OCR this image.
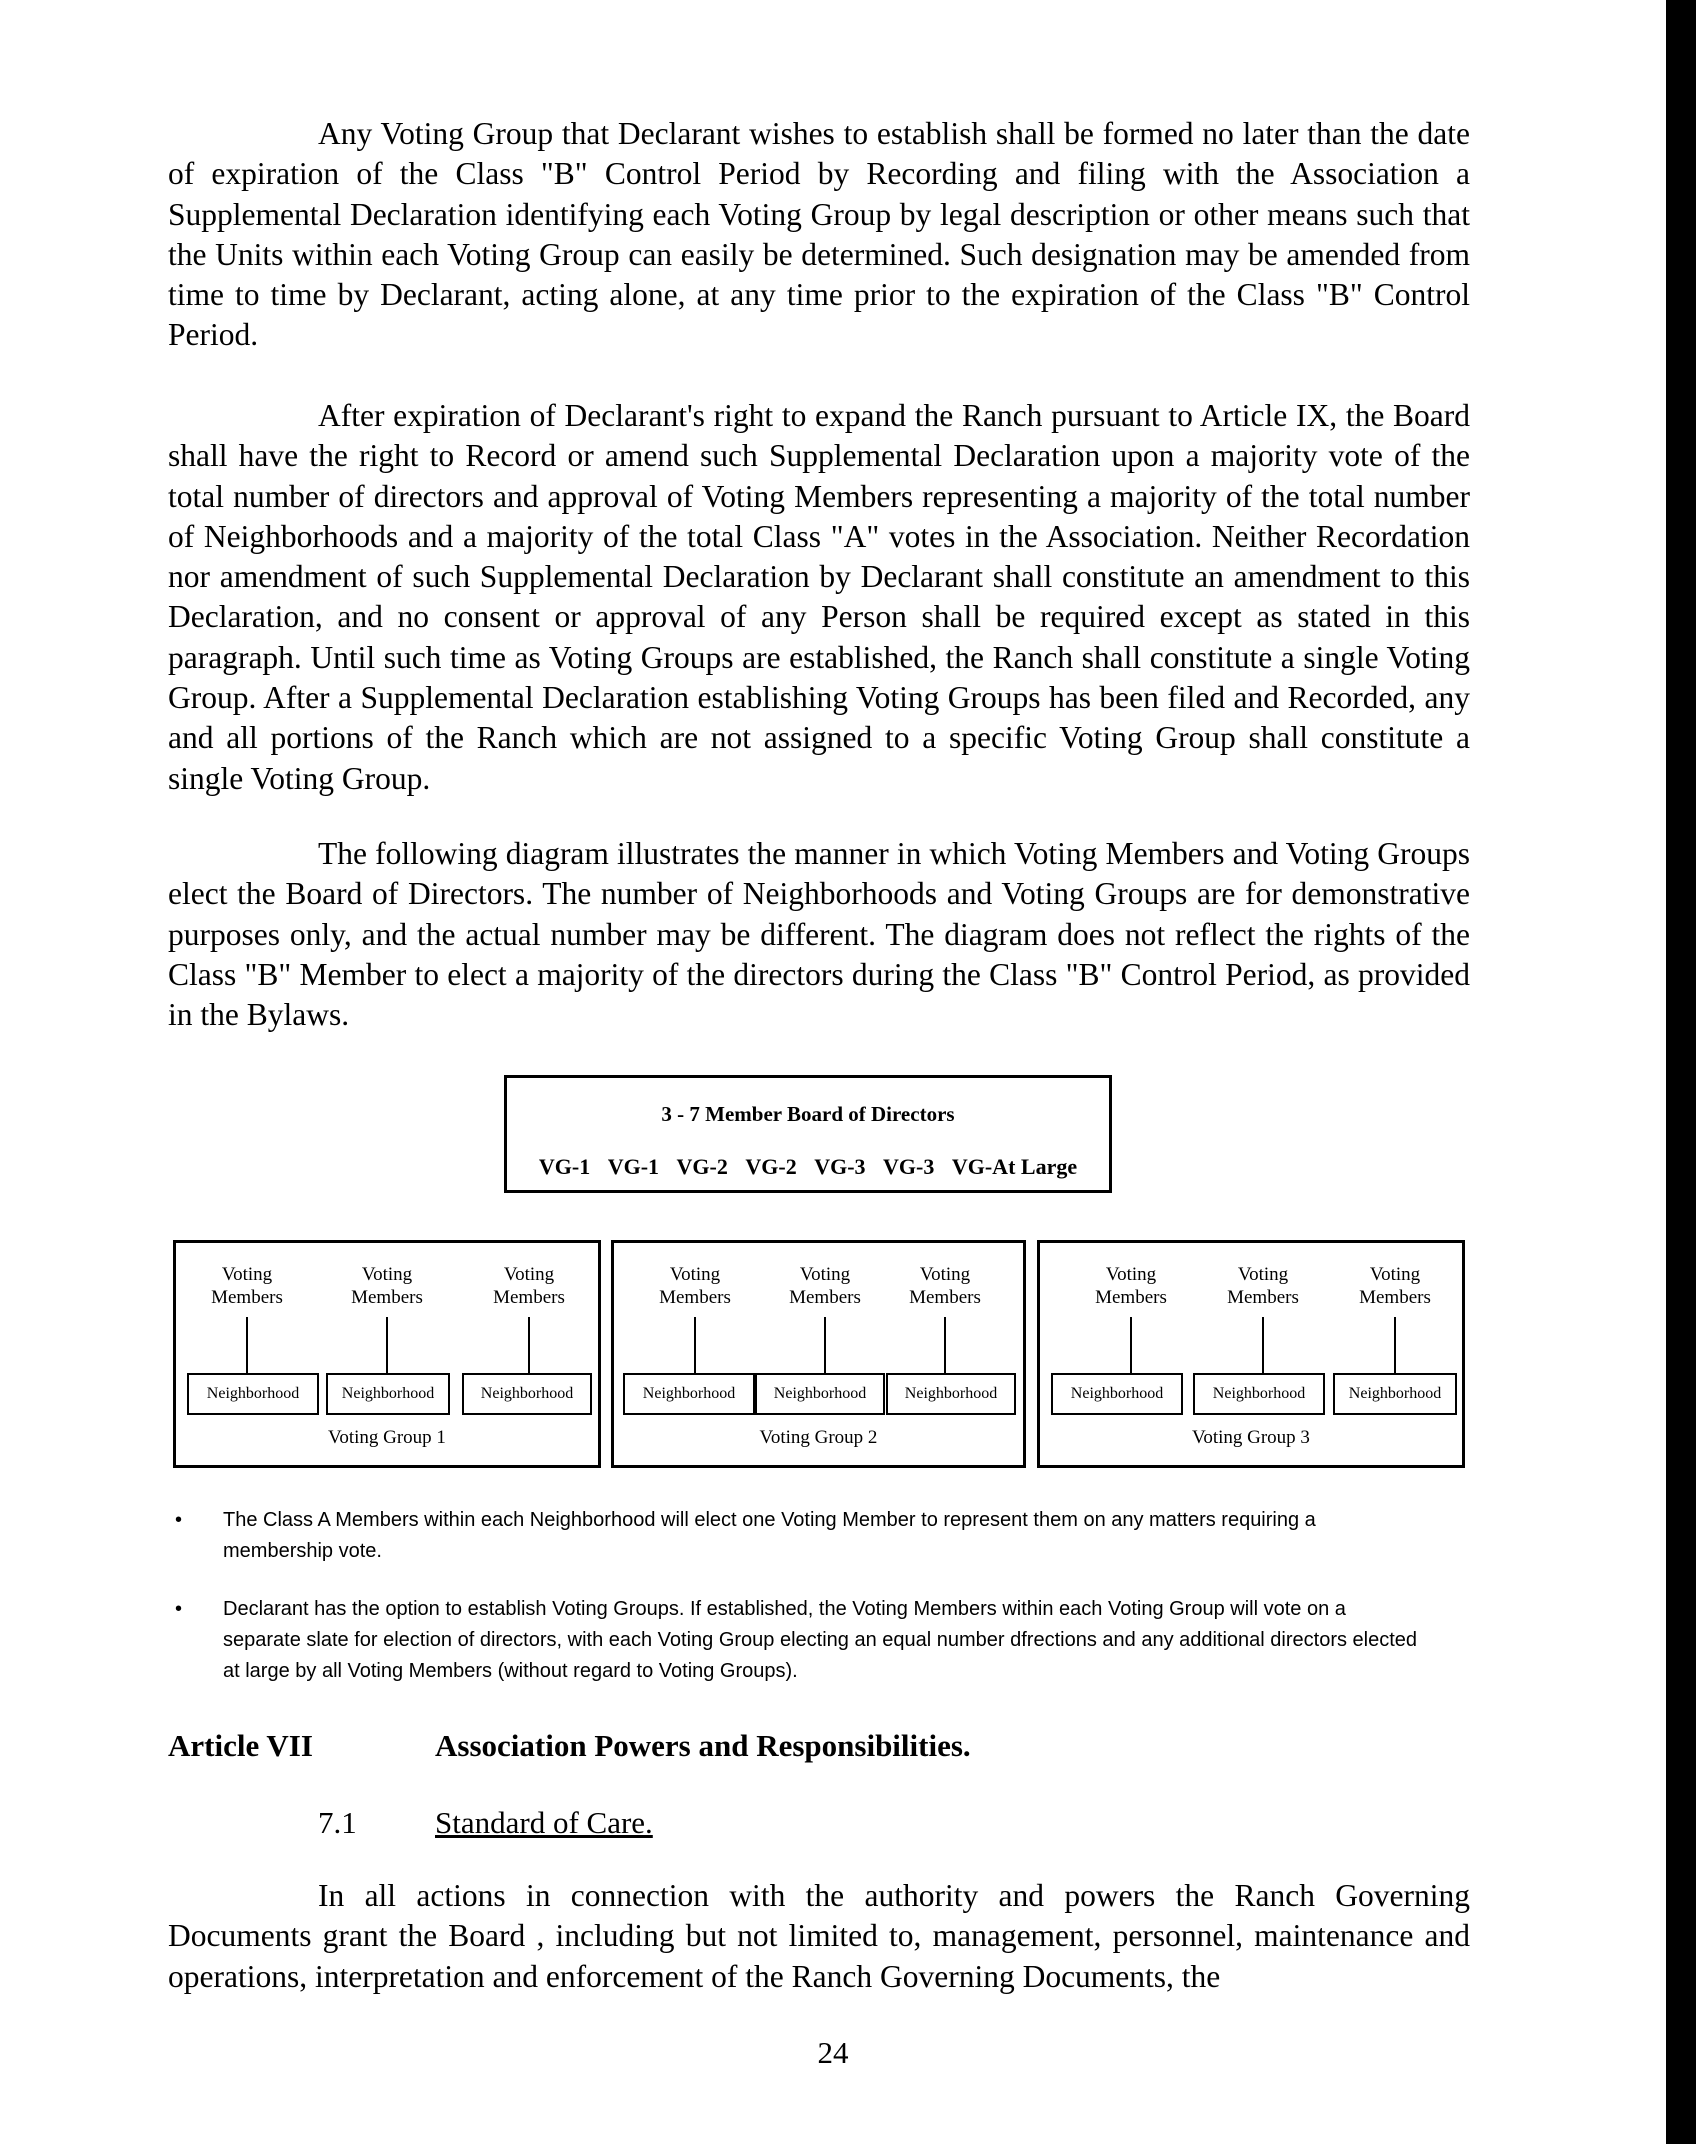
Any Voting Group that Declarant wishes to establish shall be formed no later than the date of expiration of the Class "B" Control Period by Recording and filing with the Association a Supplemental Declaration identifying each Voting Group by legal description or other means such that the Units within each Voting Group can easily be determined. Such designation may be amended from time to time by Declarant, acting alone, at any time prior to the expiration of the Class "B" Control Period.

After expiration of Declarant's right to expand the Ranch pursuant to Article IX, the Board shall have the right to Record or amend such Supplemental Declaration upon a majority vote of the total number of directors and approval of Voting Members representing a majority of the total number of Neighborhoods and a majority of the total Class "A" votes in the Association. Neither Recordation nor amendment of such Supplemental Declaration by Declarant shall constitute an amendment to this Declaration, and no consent or approval of any Person shall be required except as stated in this paragraph. Until such time as Voting Groups are established, the Ranch shall constitute a single Voting Group. After a Supplemental Declaration establishing Voting Groups has been filed and Recorded, any and all portions of the Ranch which are not assigned to a specific Voting Group shall constitute a single Voting Group.

The following diagram illustrates the manner in which Voting Members and Voting Groups elect the Board of Directors. The number of Neighborhoods and Voting Groups are for demonstrative purposes only, and the actual number may be different. The diagram does not reflect the rights of the Class "B" Member to elect a majority of the directors during the Class "B" Control Period, as provided in the Bylaws.

3 - 7 Member Board of Directors
VG-1 VG-1 VG-2 VG-2 VG-3 VG-3 VG-At Large
Voting
Members
Voting
Members
Voting
Members
Neighborhood	Neighborhood	Neighborhood
Voting Group 1
Voting
Members
Voting
Members
Voting
Members
Neighborhood	Neighborhood	Neighborhood
Voting Group 2
Voting
Members
Voting
Members
Voting
Members
Neighborhood	Neighborhood	Neighborhood
Voting Group 3
• The Class A Members within each Neighborhood will elect one Voting Member to represent them on any matters requiring a membership vote.
• Declarant has the option to establish Voting Groups. If established, the Voting Members within each Voting Group will vote on a separate slate for election of directors, with each Voting Group electing an equal number dfrections and any additional directors elected at large by all Voting Members (without regard to Voting Groups).
Article VII	Association Powers and Responsibilities.
7.1	Standard of Care.

In all actions in connection with the authority and powers the Ranch Governing Documents grant the Board , including but not limited to, management, personnel, maintenance and operations, interpretation and enforcement of the Ranch Governing Documents, the

24
